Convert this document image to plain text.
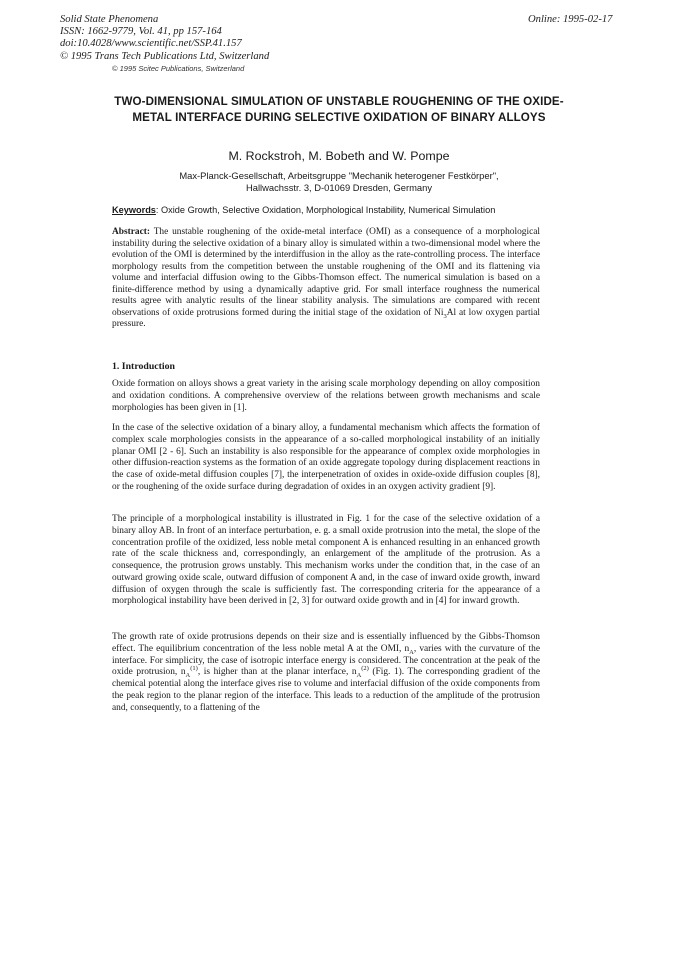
Solid State Phenomena
ISSN: 1662-9779, Vol. 41, pp 157-164
doi:10.4028/www.scientific.net/SSP.41.157
© 1995 Trans Tech Publications Ltd, Switzerland
Online: 1995-02-17
© 1995 Scitec Publications, Switzerland
TWO-DIMENSIONAL SIMULATION OF UNSTABLE ROUGHENING OF THE OXIDE-METAL INTERFACE DURING SELECTIVE OXIDATION OF BINARY ALLOYS
M. Rockstroh, M. Bobeth and W. Pompe
Max-Planck-Gesellschaft, Arbeitsgruppe "Mechanik heterogener Festkörper",
Hallwachsstr. 3, D-01069 Dresden, Germany
Keywords: Oxide Growth, Selective Oxidation, Morphological Instability, Numerical Simulation
Abstract: The unstable roughening of the oxide-metal interface (OMI) as a consequence of a morphological instability during the selective oxidation of a binary alloy is simulated within a two-dimensional model where the evolution of the OMI is determined by the interdiffusion in the alloy as the rate-controlling process. The interface morphology results from the competition between the unstable roughening of the OMI and its flattening via volume and interfacial diffusion owing to the Gibbs-Thomson effect. The numerical simulation is based on a finite-difference method by using a dynamically adaptive grid. For small interface roughness the numerical results agree with analytic results of the linear stability analysis. The simulations are compared with recent observations of oxide protrusions formed during the initial stage of the oxidation of $Ni_3Al$ at low oxygen partial pressure.
1. Introduction
Oxide formation on alloys shows a great variety in the arising scale morphology depending on alloy composition and oxidation conditions. A comprehensive overview of the relations between growth mechanisms and scale morphologies has been given in [1].
In the case of the selective oxidation of a binary alloy, a fundamental mechanism which affects the formation of complex scale morphologies consists in the appearance of a so-called morphological instability of an initially planar OMI [2 - 6]. Such an instability is also responsible for the appearance of complex oxide morphologies in other diffusion-reaction systems as the formation of an oxide aggregate topology during displacement reactions in the case of oxide-metal diffusion couples [7], the interpenetration of oxides in oxide-oxide diffusion couples [8], or the roughening of the oxide surface during degradation of oxides in an oxygen activity gradient [9].
The principle of a morphological instability is illustrated in Fig. 1 for the case of the selective oxidation of a binary alloy AB. In front of an interface perturbation, e. g. a small oxide protrusion into the metal, the slope of the concentration profile of the oxidized, less noble metal component A is enhanced resulting in an enhanced growth rate of the scale thickness and, correspondingly, an enlargement of the amplitude of the protrusion. As a consequence, the protrusion grows unstably. This mechanism works under the condition that, in the case of an outward growing oxide scale, outward diffusion of component A and, in the case of inward oxide growth, inward diffusion of oxygen through the scale is sufficiently fast. The corresponding criteria for the appearance of a morphological instability have been derived in [2, 3] for outward oxide growth and in [4] for inward growth.
The growth rate of oxide protrusions depends on their size and is essentially influenced by the Gibbs-Thomson effect. The equilibrium concentration of the less noble metal A at the OMI, $n_A$, varies with the curvature of the interface. For simplicity, the case of isotropic interface energy is considered. The concentration at the peak of the oxide protrusion, $n_A^{(1)}$, is higher than at the planar interface, $n_A^{(2)}$ (Fig. 1). The corresponding gradient of the chemical potential along the interface gives rise to volume and interfacial diffusion of the oxide components from the peak region to the planar region of the interface. This leads to a reduction of the amplitude of the protrusion and, consequently, to a flattening of the
